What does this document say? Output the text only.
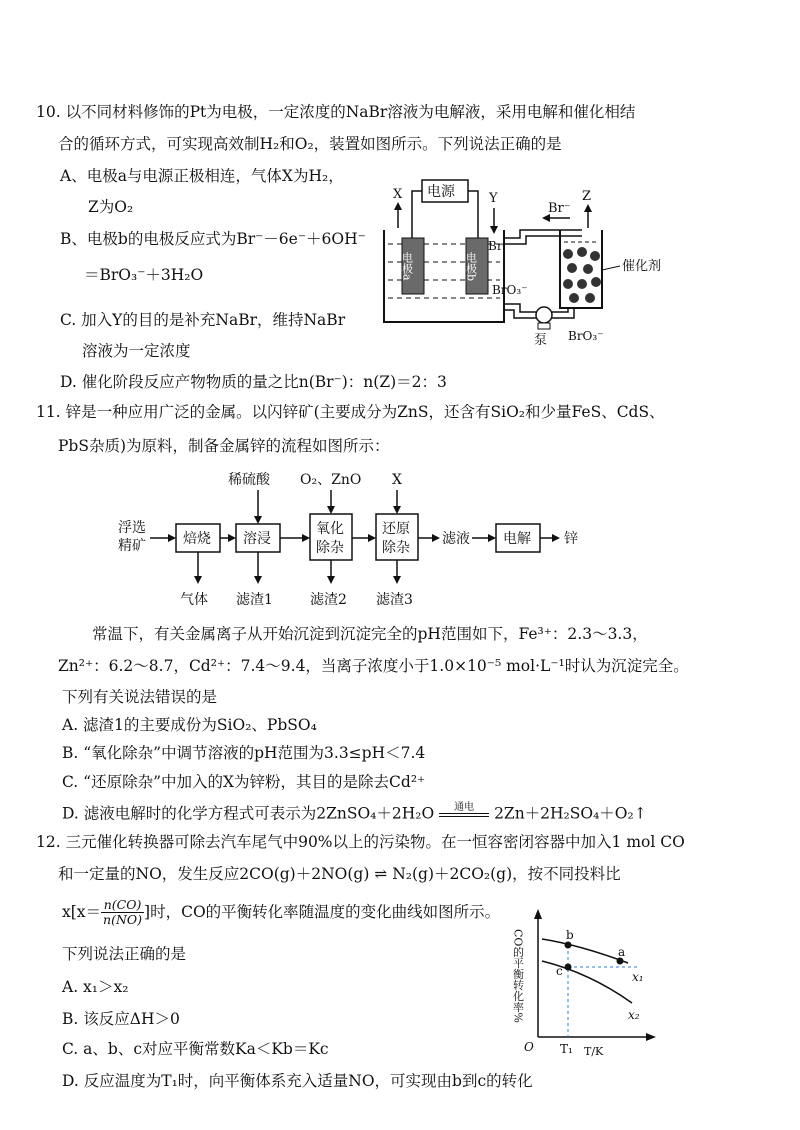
10. 以不同材料修饰的Pt为电极，一定浓度的NaBr溶液为电解液，采用电解和催化相结
合的循环方式，可实现高效制H₂和O₂，装置如图所示。下列说法正确的是
A、电极a与电源正极相连，气体X为H₂，
Z为O₂
B、电极b的电极反应式为Br⁻－6e⁻＋6OH⁻
＝BrO₃⁻＋3H₂O
C. 加入Y的目的是补充NaBr，维持NaBr
溶液为一定浓度
D. 催化阶段反应产物物质的量之比n(Br⁻)：n(Z)＝2：3
电源
电极a	电极b
X	Y
Br⁻
BrO₃⁻
Br⁻
Z
催化剂
泵 BrO₃⁻
11. 锌是一种应用广泛的金属。以闪锌矿(主要成分为ZnS，还含有SiO₂和少量FeS、CdS、
PbS杂质)为原料，制备金属锌的流程如图所示：
浮选
精矿	焙烧 溶浸
氧化
除杂
还原
除杂
滤液 电解 锌
稀硫酸 O₂、ZnO X
气体 滤渣1	滤渣2 滤渣3
常温下，有关金属离子从开始沉淀到沉淀完全的pH范围如下，Fe³⁺：2.3～3.3，
Zn²⁺：6.2～8.7，Cd²⁺：7.4～9.4，当离子浓度小于1.0×10⁻⁵ mol·L⁻¹时认为沉淀完全。
下列有关说法错误的是
A. 滤渣1的主要成份为SiO₂、PbSO₄
B. “氧化除杂”中调节溶液的pH范围为3.3≤pH＜7.4
C. “还原除杂”中加入的X为锌粉，其目的是除去Cd²⁺
D. 滤液电解时的化学方程式可表示为2ZnSO₄＋2H₂O	通电	2Zn＋2H₂SO₄＋O₂↑
12. 三元催化转换器可除去汽车尾气中90%以上的污染物。在一恒容密闭容器中加入1 mol CO
和一定量的NO，发生反应2CO(g)＋2NO(g) ⇌ N₂(g)＋2CO₂(g)，按不同投料比
$x[x= \frac{n(CO)}{n(NO)}$ ]时，CO的平衡转化率随温度的变化曲线如图所示。
下列说法正确的是
A. x₁＞x₂
B. 该反应ΔH＞0
C. a、b、c对应平衡常数Ka＜Kb＝Kc
D. 反应温度为T₁时，向平衡体系充入适量NO，可实现由b到c的转化
CO的平衡转化率%
O	T/K
T₁
b
c
a
x₁
x₂
